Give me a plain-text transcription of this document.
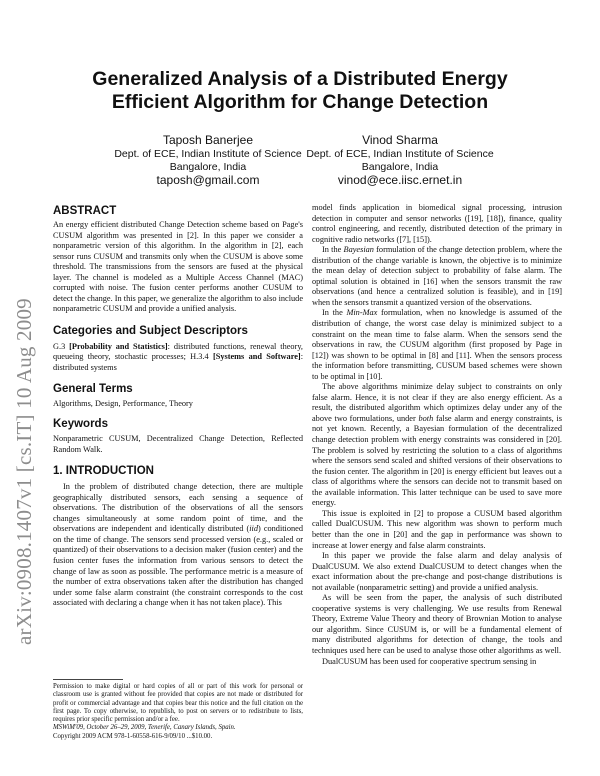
arXiv:0908.1407v1 [cs.IT] 10 Aug 2009
Generalized Analysis of a Distributed Energy Efficient Algorithm for Change Detection
Taposh Banerjee
Dept. of ECE, Indian Institute of Science
Bangalore, India
taposh@gmail.com
Vinod Sharma
Dept. of ECE, Indian Institute of Science
Bangalore, India
vinod@ece.iisc.ernet.in
ABSTRACT

An energy efficient distributed Change Detection scheme based on Page's CUSUM algorithm was presented in [2]. In this paper we consider a nonparametric version of this algorithm. In the algorithm in [2], each sensor runs CUSUM and transmits only when the CUSUM is above some threshold. The transmissions from the sensors are fused at the physical layer. The channel is modeled as a Multiple Access Channel (MAC) corrupted with noise. The fusion center performs another CUSUM to detect the change. In this paper, we generalize the algorithm to also include nonparametric CUSUM and provide a unified analysis.

Categories and Subject Descriptors

G.3 [Probability and Statistics]: distributed functions, renewal theory, queueing theory, stochastic processes; H.3.4 [Systems and Software]: distributed systems

General Terms

Algorithms, Design, Performance, Theory

Keywords

Nonparametric CUSUM, Decentralized Change Detection, Reflected Random Walk.

1. INTRODUCTION

In the problem of distributed change detection, there are multiple geographically distributed sensors, each sensing a sequence of observations. The distribution of the observations of all the sensors changes simultaneously at some random point of time, and the observations are independent and identically distributed (iid) conditioned on the time of change. The sensors send processed version (e.g., scaled or quantized) of their observations to a decision maker (fusion center) and the fusion center fuses the information from various sensors to detect the change of law as soon as possible. The performance metric is a measure of the number of extra observations taken after the distribution has changed under some false alarm constraint (the constraint corresponds to the cost associated with declaring a change when it has not taken place). This

Permission to make digital or hard copies of all or part of this work for personal or classroom use is granted without fee provided that copies are not made or distributed for profit or commercial advantage and that copies bear this notice and the full citation on the first page. To copy otherwise, to republish, to post on servers or to redistribute to lists, requires prior specific permission and/or a fee.

MSWiM'09, October 26–29, 2009, Tenerife, Canary Islands, Spain.

Copyright 2009 ACM 978-1-60558-616-9/09/10 ...$10.00.

model finds application in biomedical signal processing, intrusion detection in computer and sensor networks ([19], [18]), finance, quality control engineering, and recently, distributed detection of the primary in cognitive radio networks ([7], [15]).

In the Bayesian formulation of the change detection problem, where the distribution of the change variable is known, the objective is to minimize the mean delay of detection subject to probability of false alarm. The optimal solution is obtained in [16] when the sensors transmit the raw observations (and hence a centralized solution is feasible), and in [19] when the sensors transmit a quantized version of the observations.

In the Min-Max formulation, when no knowledge is assumed of the distribution of change, the worst case delay is minimized subject to a constraint on the mean time to false alarm. When the sensors send the observations in raw, the CUSUM algorithm (first proposed by Page in [12]) was shown to be optimal in [8] and [11]. When the sensors process the information before transmitting, CUSUM based schemes were shown to be optimal in [10].

The above algorithms minimize delay subject to constraints on only false alarm. Hence, it is not clear if they are also energy efficient. As a result, the distributed algorithm which optimizes delay under any of the above two formulations, under both false alarm and energy constraints, is not yet known. Recently, a Bayesian formulation of the decentralized change detection problem with energy constraints was considered in [20]. The problem is solved by restricting the solution to a class of algorithms where the sensors send scaled and shifted versions of their observations to the fusion center. The algorithm in [20] is energy efficient but leaves out a class of algorithms where the sensors can decide not to transmit based on the available information. This latter technique can be used to save more energy.

This issue is exploited in [2] to propose a CUSUM based algorithm called DualCUSUM. This new algorithm was shown to perform much better than the one in [20] and the gap in performance was shown to increase at lower energy and false alarm constraints.

In this paper we provide the false alarm and delay analysis of DualCUSUM. We also extend DualCUSUM to detect changes when the exact information about the pre-change and post-change distributions is not available (nonparametric setting) and provide a unified analysis.

As will be seen from the paper, the analysis of such distributed cooperative systems is very challenging. We use results from Renewal Theory, Extreme Value Theory and theory of Brownian Motion to analyse our algorithm. Since CUSUM is, or will be a fundamental element of many distributed algorithms for detection of change, the tools and techniques used here can be used to analyse those other algorithms as well.

DualCUSUM has been used for cooperative spectrum sensing in
